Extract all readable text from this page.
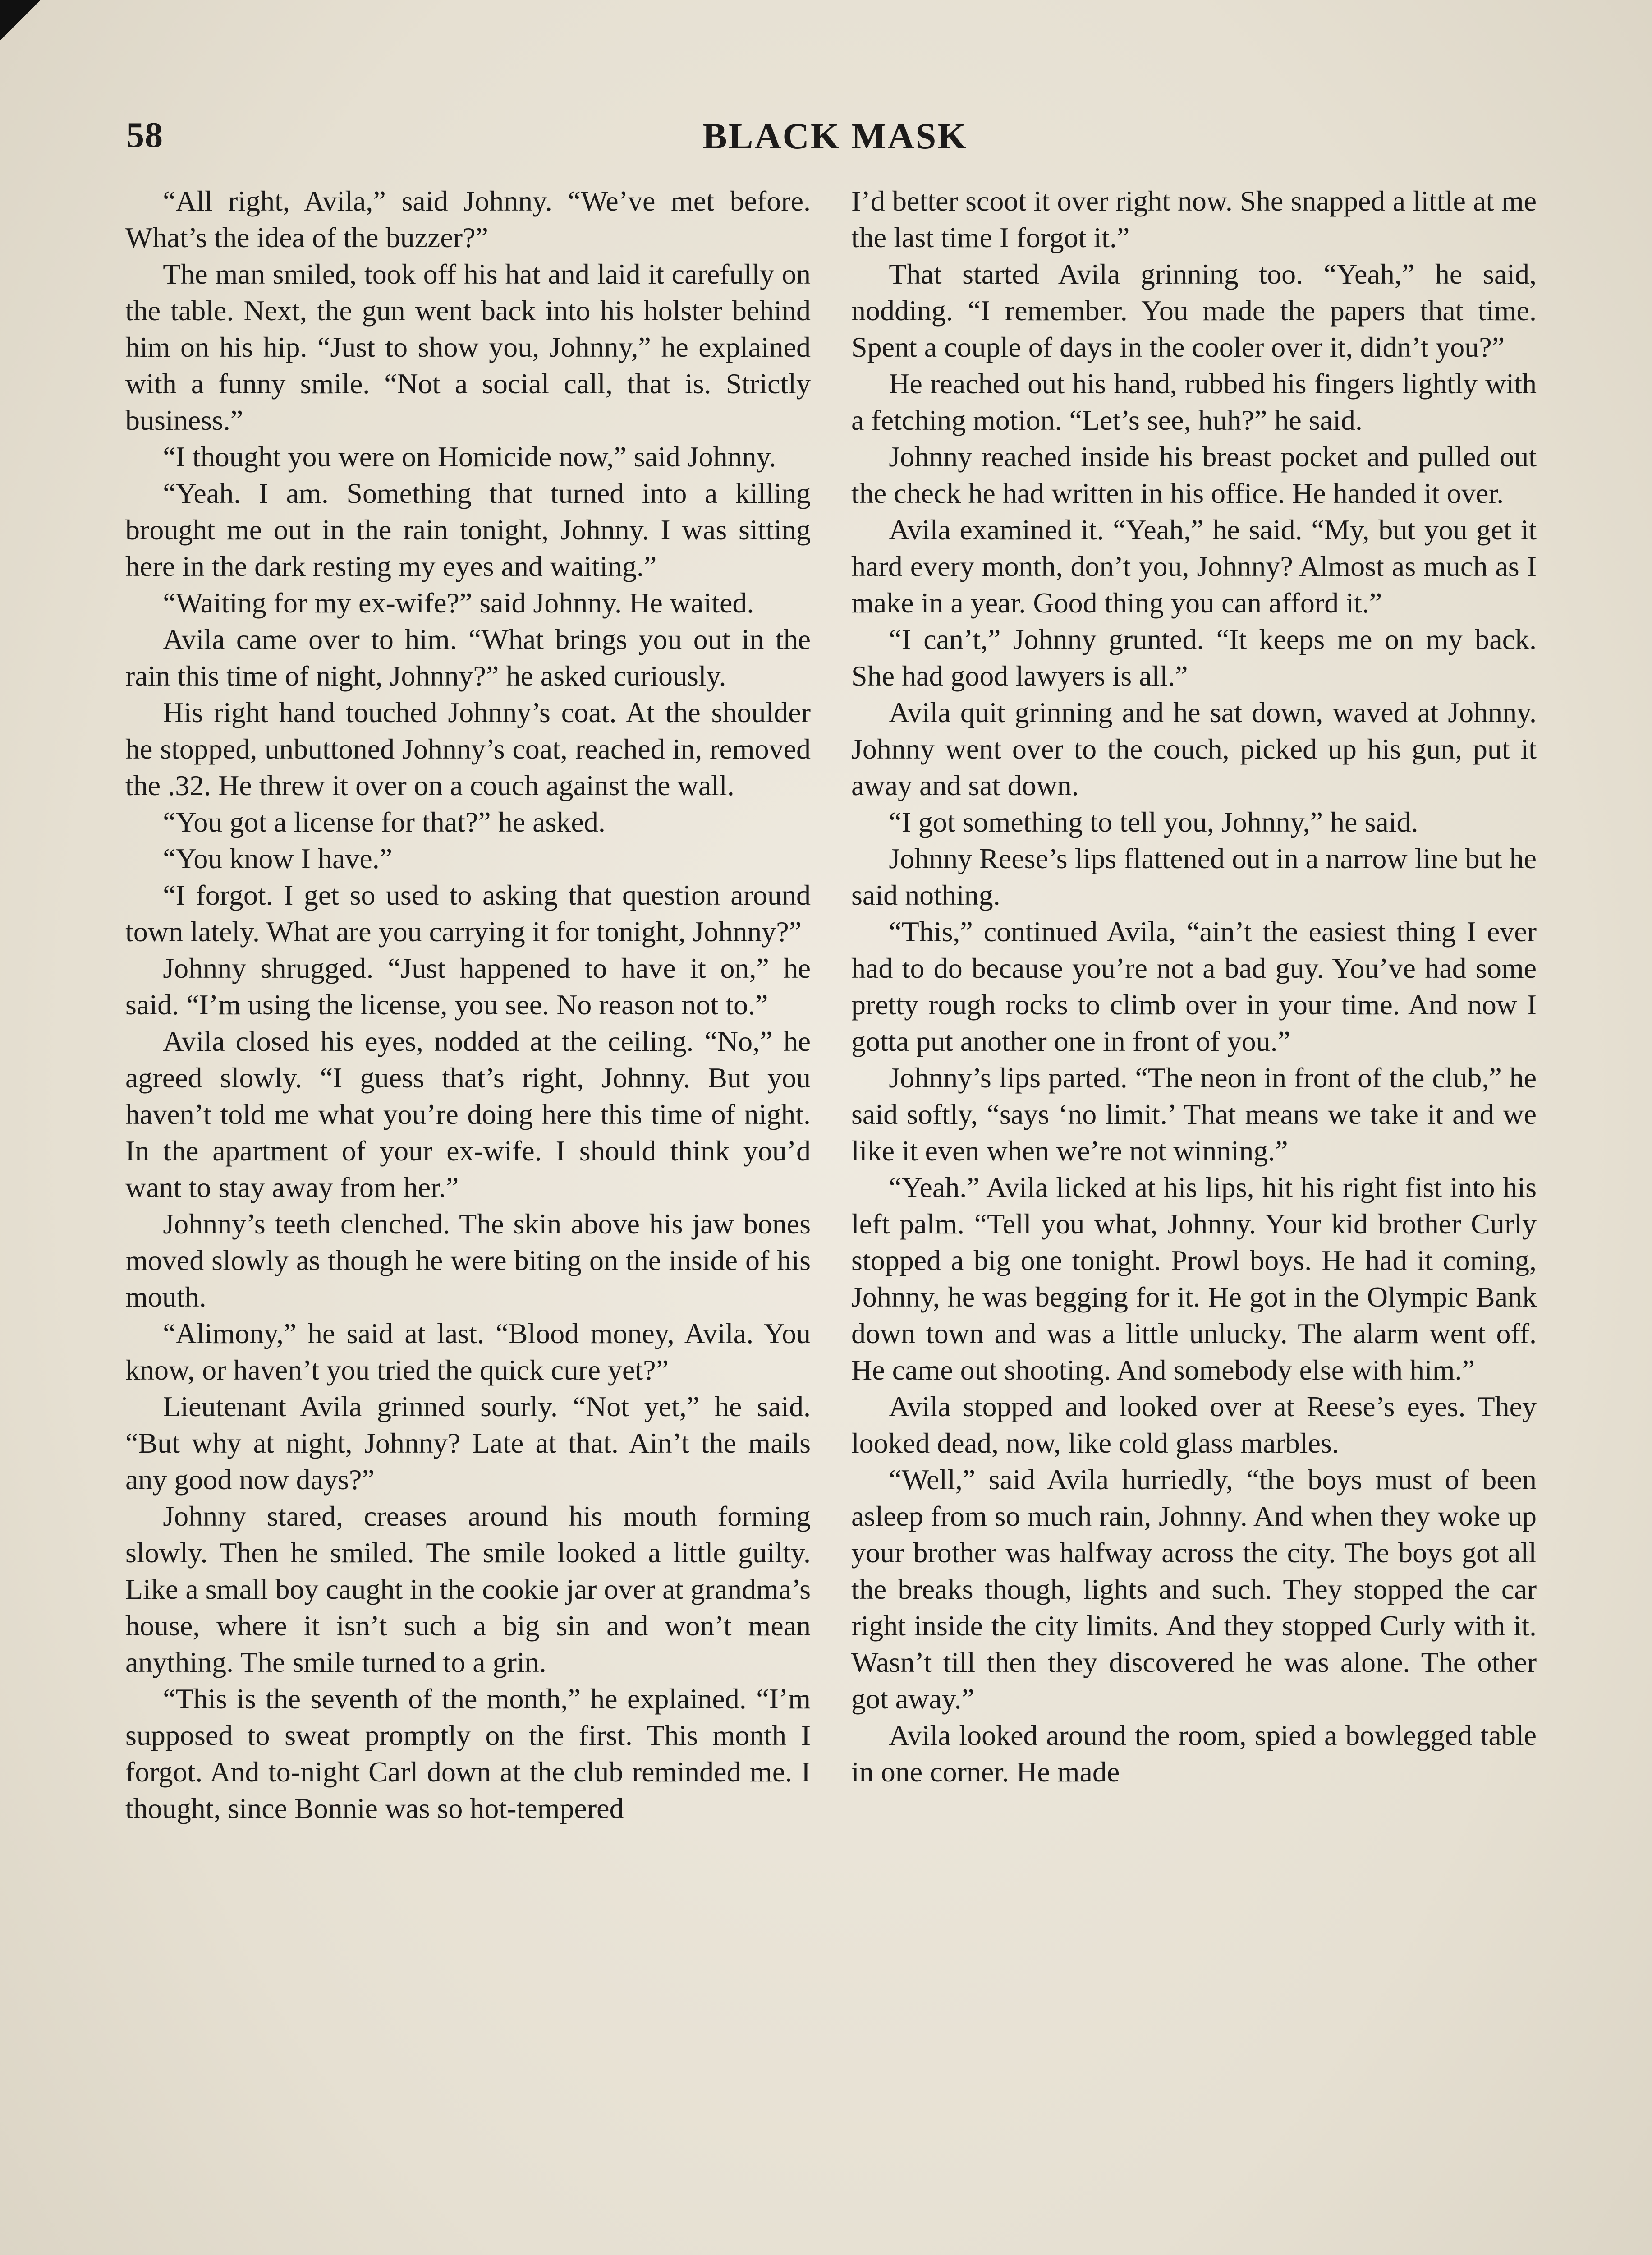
58	BLACK MASK

“All right, Avila,” said Johnny. “We’ve met before. What’s the idea of the buzzer?”

The man smiled, took off his hat and laid it carefully on the table. Next, the gun went back into his holster behind him on his hip. “Just to show you, Johnny,” he explained with a funny smile. “Not a social call, that is. Strictly business.”

“I thought you were on Homicide now,” said Johnny.

“Yeah. I am. Something that turned into a killing brought me out in the rain tonight, Johnny. I was sitting here in the dark resting my eyes and waiting.”

“Waiting for my ex-wife?” said Johnny. He waited.

Avila came over to him. “What brings you out in the rain this time of night, Johnny?” he asked curiously.

His right hand touched Johnny’s coat. At the shoulder he stopped, unbuttoned Johnny’s coat, reached in, removed the .32. He threw it over on a couch against the wall.

“You got a license for that?” he asked.

“You know I have.”

“I forgot. I get so used to asking that question around town lately. What are you carrying it for tonight, Johnny?”

Johnny shrugged. “Just happened to have it on,” he said. “I’m using the license, you see. No reason not to.”

Avila closed his eyes, nodded at the ceiling. “No,” he agreed slowly. “I guess that’s right, Johnny. But you haven’t told me what you’re doing here this time of night. In the apartment of your ex-wife. I should think you’d want to stay away from her.”

Johnny’s teeth clenched. The skin above his jaw bones moved slowly as though he were biting on the inside of his mouth.

“Alimony,” he said at last. “Blood money, Avila. You know, or haven’t you tried the quick cure yet?”

Lieutenant Avila grinned sourly. “Not yet,” he said. “But why at night, Johnny? Late at that. Ain’t the mails any good now days?”

Johnny stared, creases around his mouth forming slowly. Then he smiled. The smile looked a little guilty. Like a small boy caught in the cookie jar over at grandma’s house, where it isn’t such a big sin and won’t mean anything. The smile turned to a grin.

“This is the seventh of the month,” he explained. “I’m supposed to sweat promptly on the first. This month I forgot. And to-night Carl down at the club reminded me. I thought, since Bonnie was so hot-tempered

I’d better scoot it over right now. She snapped a little at me the last time I forgot it.”

That started Avila grinning too. “Yeah,” he said, nodding. “I remember. You made the papers that time. Spent a couple of days in the cooler over it, didn’t you?”

He reached out his hand, rubbed his fingers lightly with a fetching motion. “Let’s see, huh?” he said.

Johnny reached inside his breast pocket and pulled out the check he had written in his office. He handed it over.

Avila examined it. “Yeah,” he said. “My, but you get it hard every month, don’t you, Johnny? Almost as much as I make in a year. Good thing you can afford it.”

“I can’t,” Johnny grunted. “It keeps me on my back. She had good lawyers is all.”

Avila quit grinning and he sat down, waved at Johnny. Johnny went over to the couch, picked up his gun, put it away and sat down.

“I got something to tell you, Johnny,” he said.

Johnny Reese’s lips flattened out in a narrow line but he said nothing.

“This,” continued Avila, “ain’t the easiest thing I ever had to do because you’re not a bad guy. You’ve had some pretty rough rocks to climb over in your time. And now I gotta put another one in front of you.”

Johnny’s lips parted. “The neon in front of the club,” he said softly, “says ‘no limit.’ That means we take it and we like it even when we’re not winning.”

“Yeah.” Avila licked at his lips, hit his right fist into his left palm. “Tell you what, Johnny. Your kid brother Curly stopped a big one tonight. Prowl boys. He had it coming, Johnny, he was begging for it. He got in the Olympic Bank down town and was a little unlucky. The alarm went off. He came out shooting. And somebody else with him.”

Avila stopped and looked over at Reese’s eyes. They looked dead, now, like cold glass marbles.

“Well,” said Avila hurriedly, “the boys must of been asleep from so much rain, Johnny. And when they woke up your brother was halfway across the city. The boys got all the breaks though, lights and such. They stopped the car right inside the city limits. And they stopped Curly with it. Wasn’t till then they discovered he was alone. The other got away.”

Avila looked around the room, spied a bowlegged table in one corner. He made
